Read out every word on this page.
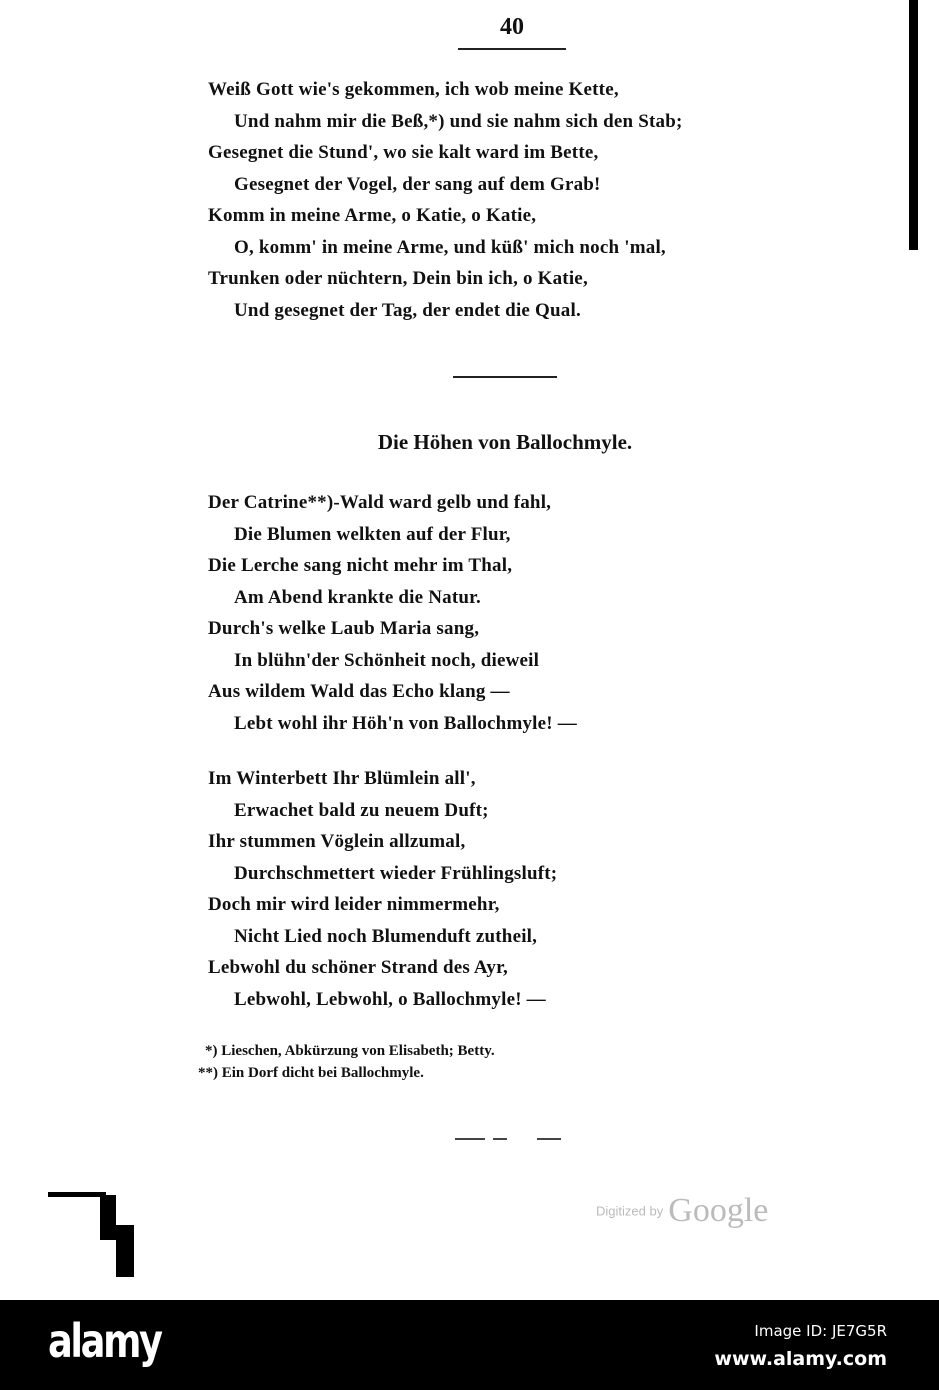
40
Weiß Gott wie's gekommen, ich wob meine Kette,
Und nahm mir die Beß,*) und sie nahm sich den Stab;
Gesegnet die Stund', wo sie kalt ward im Bette,
Gesegnet der Vogel, der sang auf dem Grab!
Komm in meine Arme, o Katie, o Katie,
O, komm' in meine Arme, und küß' mich noch 'mal,
Trunken oder nüchtern, Dein bin ich, o Katie,
Und gesegnet der Tag, der endet die Qual.
Die Höhen von Ballochmyle.
Der Catrine**)-Wald ward gelb und fahl,
Die Blumen welkten auf der Flur,
Die Lerche sang nicht mehr im Thal,
Am Abend krankte die Natur.
Durch's welke Laub Maria sang,
In blühn'der Schönheit noch, dieweil
Aus wildem Wald das Echo klang —
Lebt wohl ihr Höh'n von Ballochmyle! —
Im Winterbett Ihr Blümlein all',
Erwachet bald zu neuem Duft;
Ihr stummen Vöglein allzumal,
Durchschmettert wieder Frühlingsluft;
Doch mir wird leider nimmermehr,
Nicht Lied noch Blumenduft zutheil,
Lebwohl du schöner Strand des Ayr,
Lebwohl, Lebwohl, o Ballochmyle! —
*) Lieschen, Abkürzung von Elisabeth; Betty.
**) Ein Dorf dicht bei Ballochmyle.
Digitized by Google
alamy	Image ID: JE7G5R
www.alamy.com
